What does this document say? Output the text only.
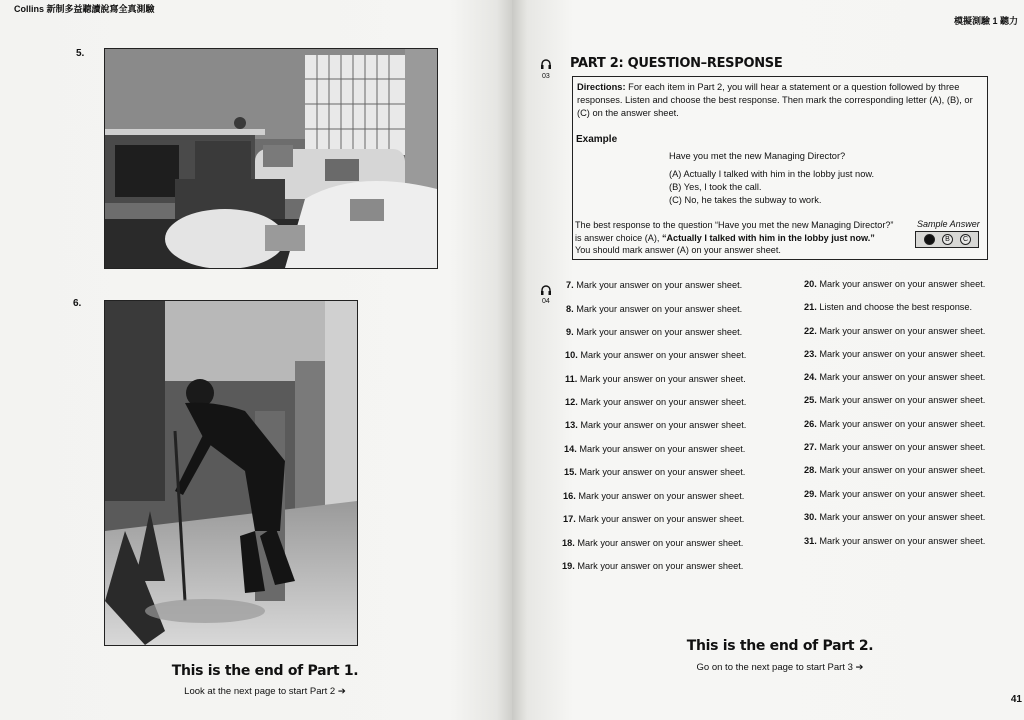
Collins 新制多益聽讀說寫全真測驗
5.
6.
This is the end of Part 1.
Look at the next page to start Part 2 ➔
模擬測驗 1 聽力
03
PART 2: QUESTION–RESPONSE
Directions: For each item in Part 2, you will hear a statement or a question followed by three responses. Listen and choose the best response. Then mark the corresponding letter (A), (B), or (C) on the answer sheet.
Example
Have you met the new Managing Director?
(A) Actually I talked with him in the lobby just now.
(B) Yes, I took the call.
(C) No, he takes the subway to work.
The best response to the question “Have you met the new Managing Director?”
is answer choice (A), “Actually I talked with him in the lobby just now.”
You should mark answer (A) on your answer sheet.
Sample Answer
B	C
04
7. Mark your answer on your answer sheet.
8. Mark your answer on your answer sheet.
9. Mark your answer on your answer sheet.
10. Mark your answer on your answer sheet.
11. Mark your answer on your answer sheet.
12. Mark your answer on your answer sheet.
13. Mark your answer on your answer sheet.
14. Mark your answer on your answer sheet.
15. Mark your answer on your answer sheet.
16. Mark your answer on your answer sheet.
17. Mark your answer on your answer sheet.
18. Mark your answer on your answer sheet.
19. Mark your answer on your answer sheet.
20. Mark your answer on your answer sheet.
21. Listen and choose the best response.
22. Mark your answer on your answer sheet.
23. Mark your answer on your answer sheet.
24. Mark your answer on your answer sheet.
25. Mark your answer on your answer sheet.
26. Mark your answer on your answer sheet.
27. Mark your answer on your answer sheet.
28. Mark your answer on your answer sheet.
29. Mark your answer on your answer sheet.
30. Mark your answer on your answer sheet.
31. Mark your answer on your answer sheet.
This is the end of Part 2.
Go on to the next page to start Part 3 ➔
41
